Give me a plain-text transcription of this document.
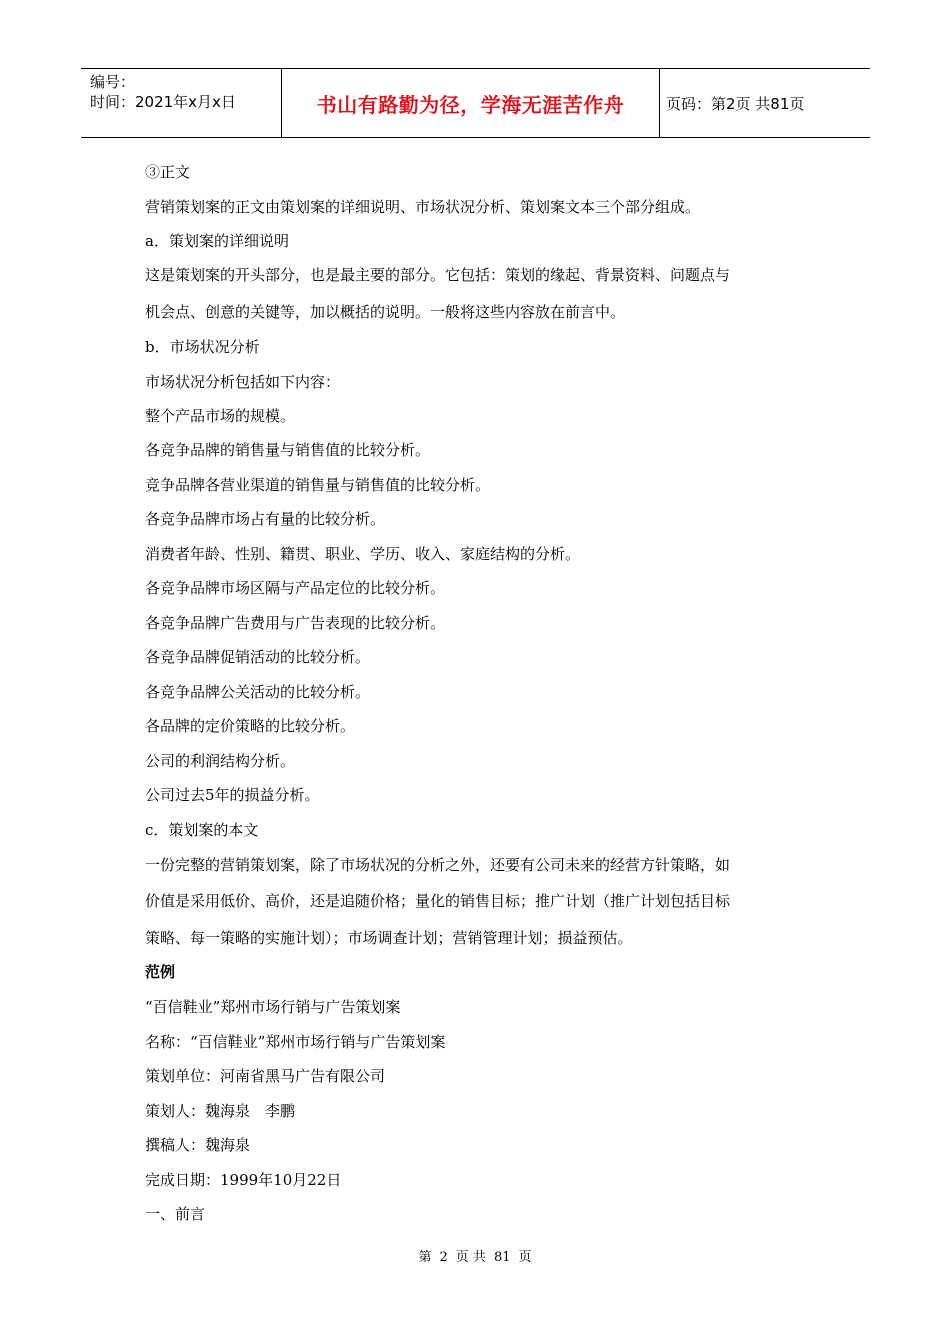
编号：
时间：2021年x月x日	书山有路勤为径，学海无涯苦作舟	页码：第2页 共81页
③正文
营销策划案的正文由策划案的详细说明、市场状况分析、策划案文本三个部分组成。
a．策划案的详细说明
这是策划案的开头部分，也是最主要的部分。它包括：策划的缘起、背景资料、问题点与
机会点、创意的关键等，加以概括的说明。一般将这些内容放在前言中。
b．市场状况分析
市场状况分析包括如下内容：
整个产品市场的规模。
各竞争品牌的销售量与销售值的比较分析。
竞争品牌各营业渠道的销售量与销售值的比较分析。
各竞争品牌市场占有量的比较分析。
消费者年龄、性别、籍贯、职业、学历、收入、家庭结构的分析。
各竞争品牌市场区隔与产品定位的比较分析。
各竞争品牌广告费用与广告表现的比较分析。
各竞争品牌促销活动的比较分析。
各竞争品牌公关活动的比较分析。
各品牌的定价策略的比较分析。
公司的利润结构分析。
公司过去5年的损益分析。
c．策划案的本文
一份完整的营销策划案，除了市场状况的分析之外，还要有公司未来的经营方针策略，如
价值是采用低价、高价，还是追随价格；量化的销售目标；推广计划（推广计划包括目标
策略、每一策略的实施计划）；市场调查计划；营销管理计划；损益预估。
范例
“百信鞋业”郑州市场行销与广告策划案
名称：“百信鞋业”郑州市场行销与广告策划案
策划单位：河南省黑马广告有限公司
策划人：魏海泉　李鹏
撰稿人：魏海泉
完成日期：1999年10月22日
一、前言
第 2 页 共 81 页
